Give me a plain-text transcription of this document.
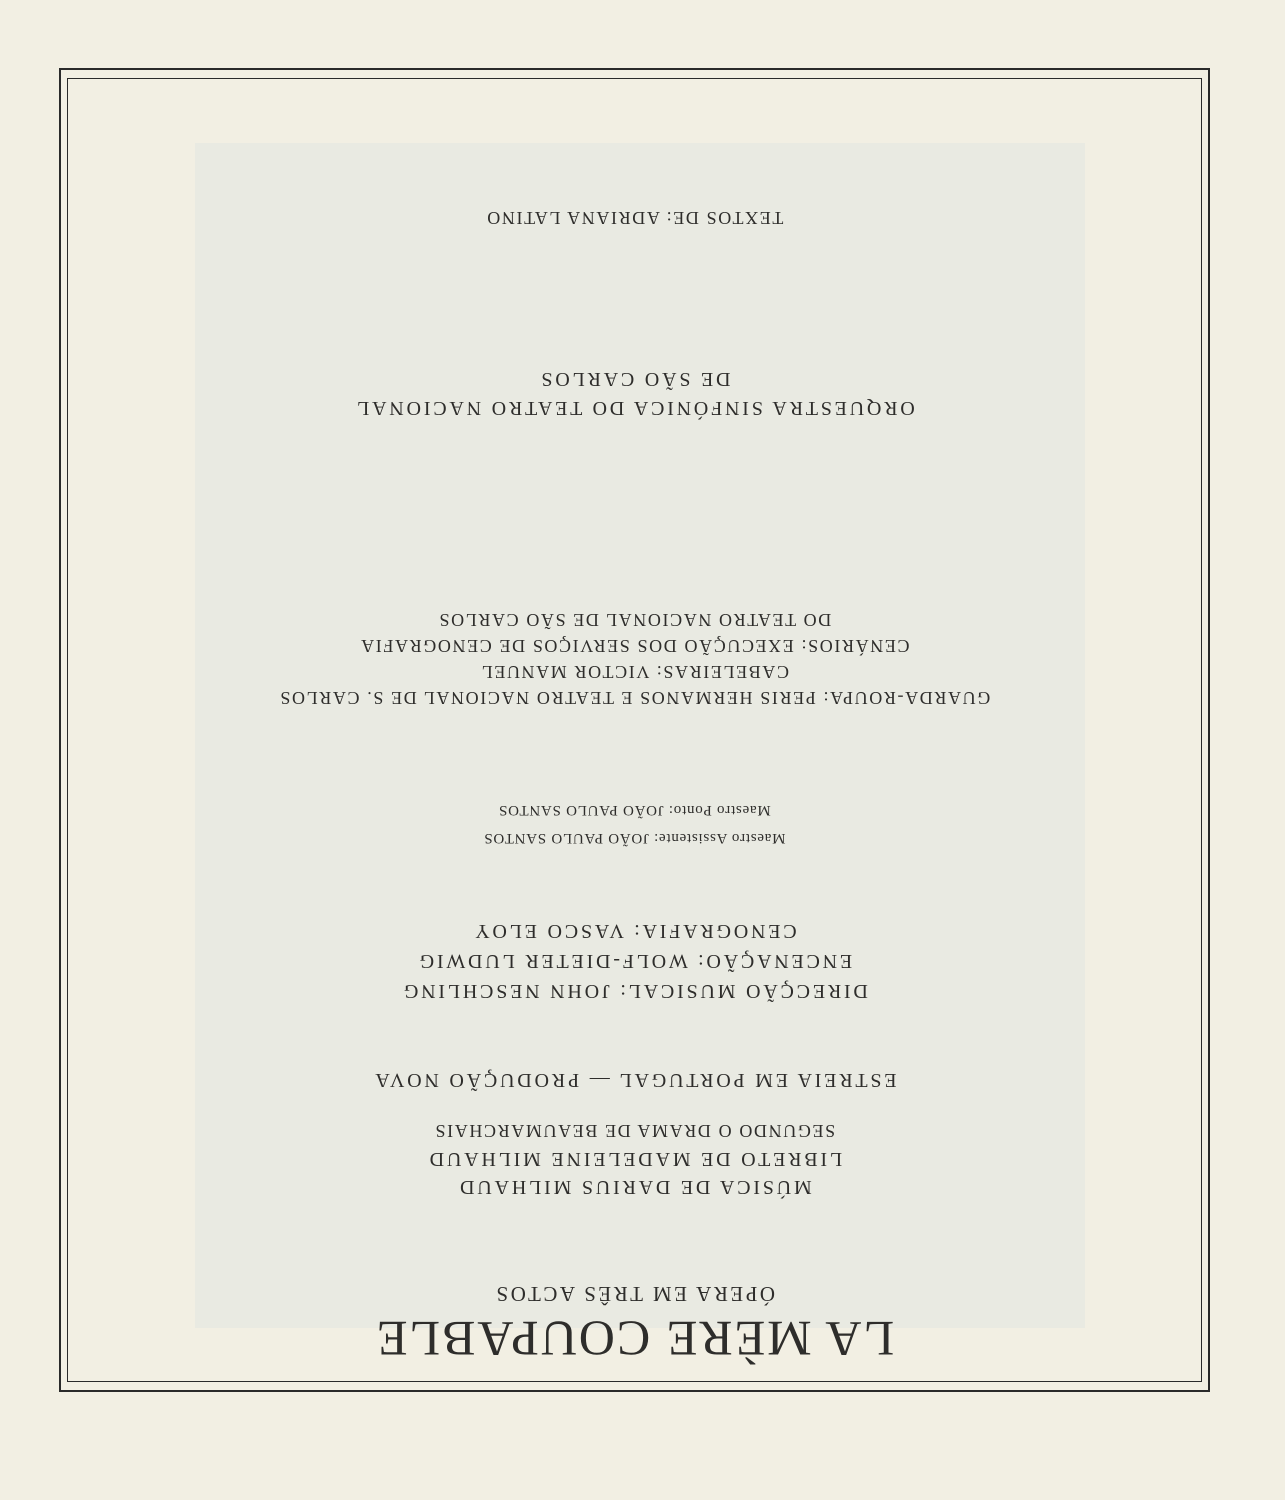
LA MÈRE COUPABLE
ÓPERA EM TRÊS ACTOS
MÚSICA DE DARIUS MILHAUD
LIBRETO DE MADELEINE MILHAUD
SEGUNDO O DRAMA DE BEAUMARCHAIS
ESTREIA EM PORTUGAL — PRODUÇÃO NOVA
DIRECÇÃO MUSICAL: JOHN NESCHLING
ENCENAÇÃO: WOLF-DIETER LUDWIG
CENOGRAFIA: VASCO ELOY
Maestro Assistente: JOÃO PAULO SANTOS
Maestro Ponto: JOÃO PAULO SANTOS
GUARDA-ROUPA: PERIS HERMANOS E TEATRO NACIONAL DE S. CARLOS
CABELEIRAS: VICTOR MANUEL
CENÁRIOS: EXECUÇÃO DOS SERVIÇOS DE CENOGRAFIA
DO TEATRO NACIONAL DE SÃO CARLOS
ORQUESTRA SINFÓNICA DO TEATRO NACIONAL
DE SÃO CARLOS
TEXTOS DE: ADRIANA LATINO
